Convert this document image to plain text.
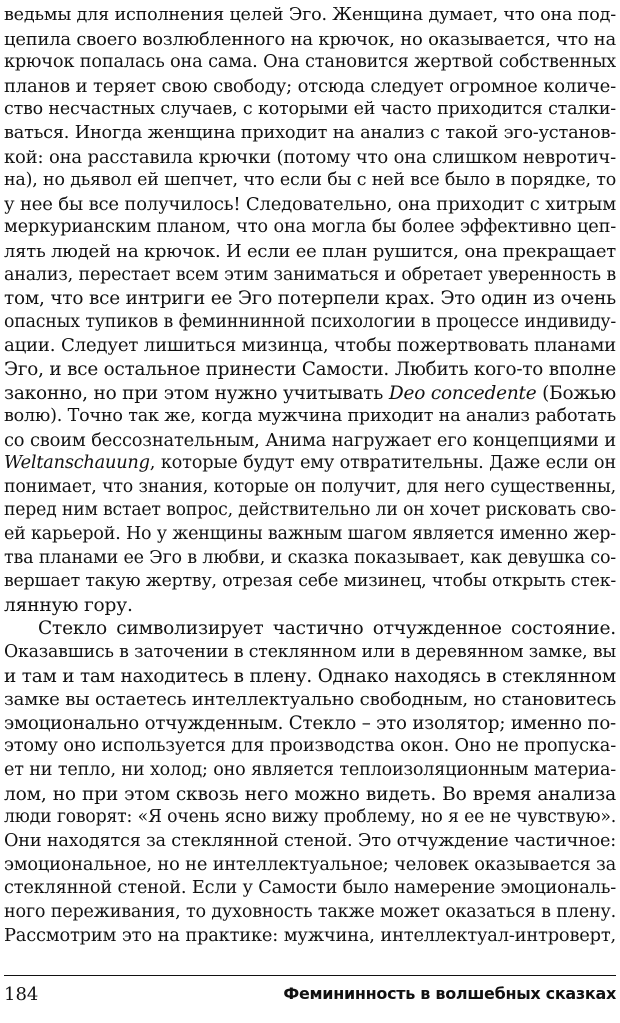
ведьмы для исполнения целей Эго. Женщина думает, что она под-
цепила своего возлюбленного на крючок, но оказывается, что на
крючок попалась она сама. Она становится жертвой собственных
планов и теряет свою свободу; отсюда следует огромное количе-
ство несчастных случаев, с которыми ей часто приходится сталки-
ваться. Иногда женщина приходит на анализ с такой эго-установ-
кой: она расставила крючки (потому что она слишком невротич-
на), но дьявол ей шепчет, что если бы с ней все было в порядке, то
у нее бы все получилось! Следовательно, она приходит с хитрым
меркурианским планом, что она могла бы более эффективно цеп-
лять людей на крючок. И если ее план рушится, она прекращает
анализ, перестает всем этим заниматься и обретает уверенность в
том, что все интриги ее Эго потерпели крах. Это один из очень
опасных тупиков в феминнинной психологии в процессе индивиду-
ации. Следует лишиться мизинца, чтобы пожертвовать планами
Эго, и все остальное принести Самости. Любить кого-то вполне
законно, но при этом нужно учитывать Deo concedente (Божью
волю). Точно так же, когда мужчина приходит на анализ работать
со своим бессознательным, Анима нагружает его концепциями и
Weltanschauung, которые будут ему отвратительны. Даже если он
понимает, что знания, которые он получит, для него существенны,
перед ним встает вопрос, действительно ли он хочет рисковать сво-
ей карьерой. Но у женщины важным шагом является именно жер-
тва планами ее Эго в любви, и сказка показывает, как девушка со-
вершает такую жертву, отрезая себе мизинец, чтобы открыть стек-
лянную гору.
Стекло символизирует частично отчужденное состояние.
Оказавшись в заточении в стеклянном или в деревянном замке, вы
и там и там находитесь в плену. Однако находясь в стеклянном
замке вы остаетесь интеллектуально свободным, но становитесь
эмоционально отчужденным. Стекло – это изолятор; именно по-
этому оно используется для производства окон. Оно не пропуска-
ет ни тепло, ни холод; оно является теплоизоляционным материа-
лом, но при этом сквозь него можно видеть. Во время анализа
люди говорят: «Я очень ясно вижу проблему, но я ее не чувствую».
Они находятся за стеклянной стеной. Это отчуждение частичное:
эмоциональное, но не интеллектуальное; человек оказывается за
стеклянной стеной. Если у Самости было намерение эмоциональ-
ного переживания, то духовность также может оказаться в плену.
Рассмотрим это на практике: мужчина, интеллектуал-интроверт,
184	Фемининность в волшебных сказках
